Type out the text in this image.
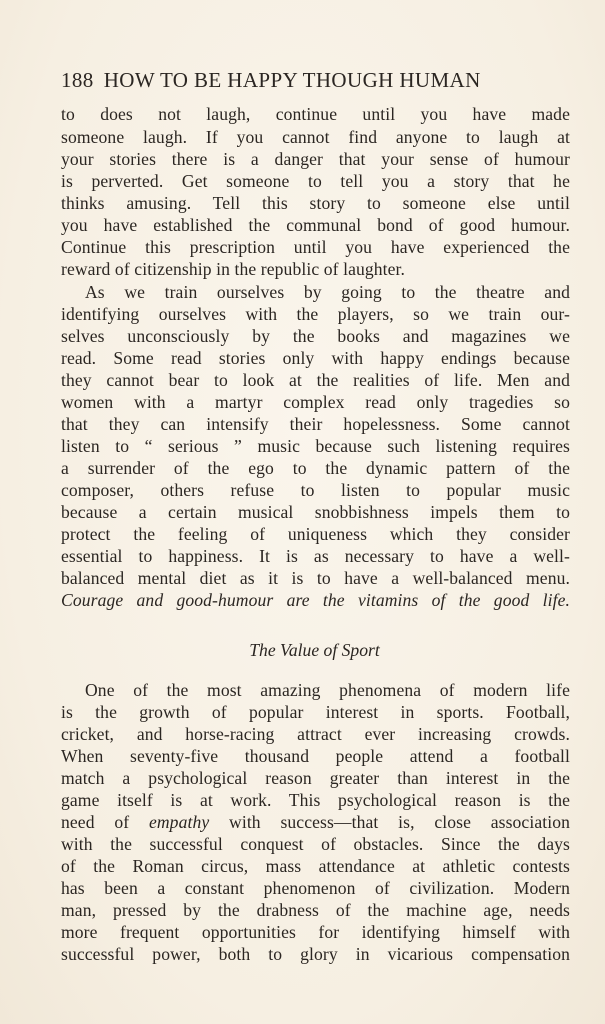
188 HOW TO BE HAPPY THOUGH HUMAN
to does not laugh, continue until you have made
someone laugh. If you cannot find anyone to laugh at
your stories there is a danger that your sense of humour
is perverted. Get someone to tell you a story that he
thinks amusing. Tell this story to someone else until
you have established the communal bond of good humour.
Continue this prescription until you have experienced the
reward of citizenship in the republic of laughter.
As we train ourselves by going to the theatre and
identifying ourselves with the players, so we train our-
selves unconsciously by the books and magazines we
read. Some read stories only with happy endings because
they cannot bear to look at the realities of life. Men and
women with a martyr complex read only tragedies so
that they can intensify their hopelessness. Some cannot
listen to “ serious ” music because such listening requires
a surrender of the ego to the dynamic pattern of the
composer, others refuse to listen to popular music
because a certain musical snobbishness impels them to
protect the feeling of uniqueness which they consider
essential to happiness. It is as necessary to have a well-
balanced mental diet as it is to have a well-balanced menu.
Courage and good-humour are the vitamins of the good life.
The Value of Sport
One of the most amazing phenomena of modern life
is the growth of popular interest in sports. Football,
cricket, and horse-racing attract ever increasing crowds.
When seventy-five thousand people attend a football
match a psychological reason greater than interest in the
game itself is at work. This psychological reason is the
need of empathy with success—that is, close association
with the successful conquest of obstacles. Since the days
of the Roman circus, mass attendance at athletic contests
has been a constant phenomenon of civilization. Modern
man, pressed by the drabness of the machine age, needs
more frequent opportunities for identifying himself with
successful power, both to glory in vicarious compensation
